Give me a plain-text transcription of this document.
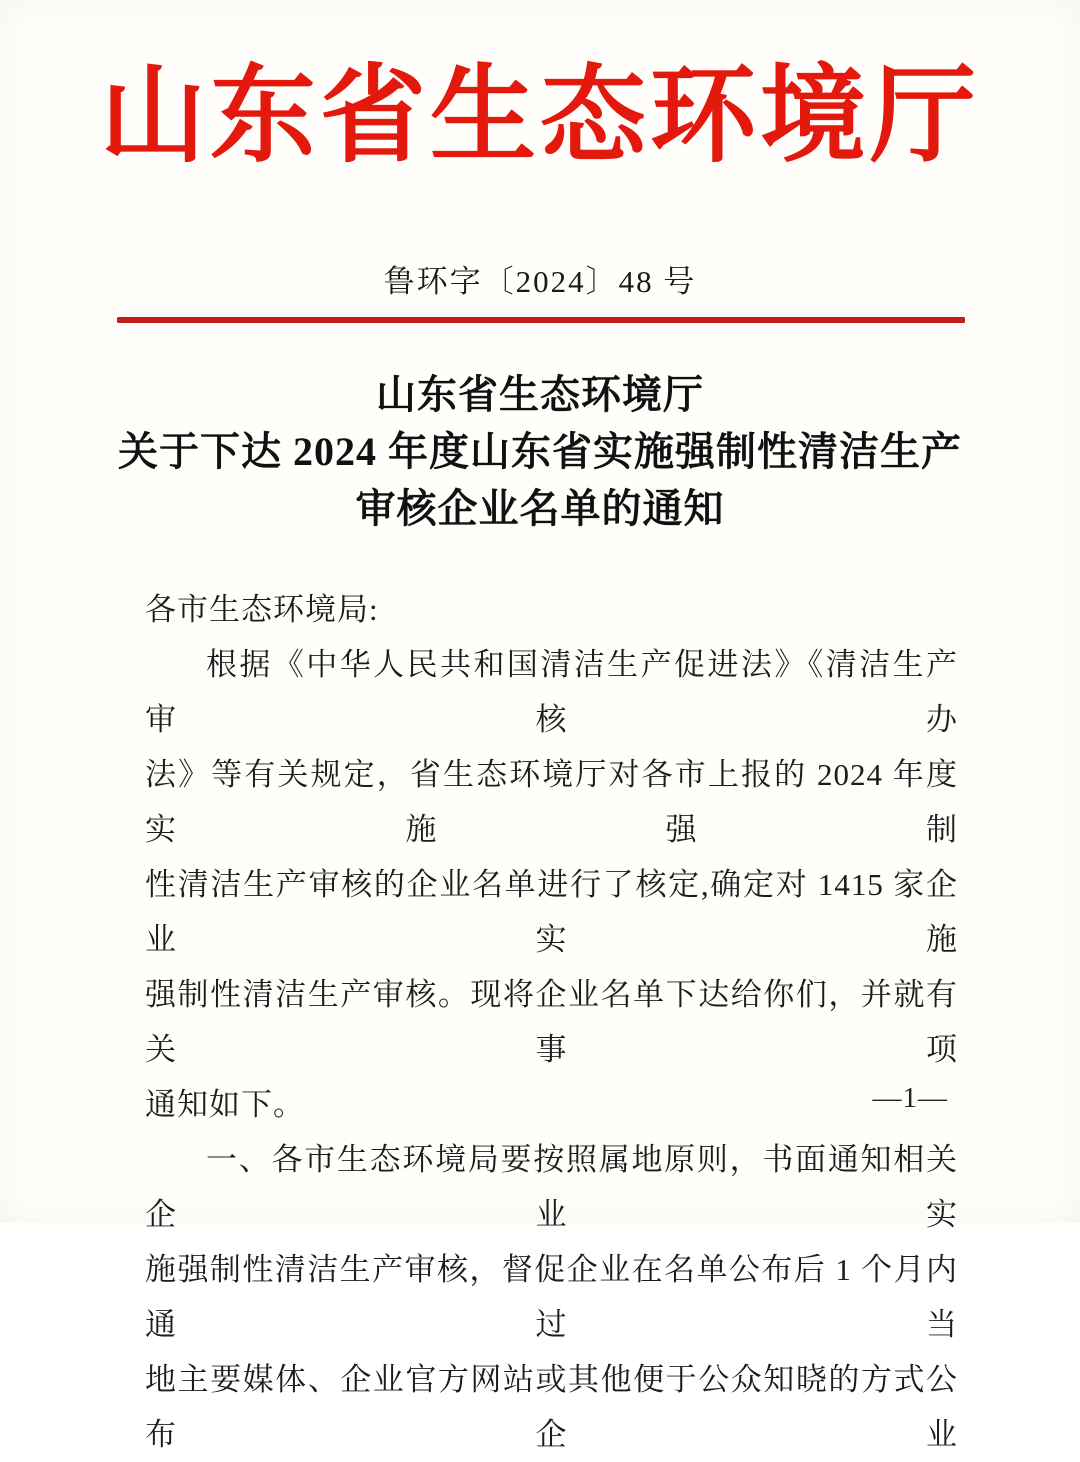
山东省生态环境厅
鲁环字〔2024〕48 号
山东省生态环境厅
关于下达 2024 年度山东省实施强制性清洁生产
审核企业名单的通知
各市生态环境局:
根据《中华人民共和国清洁生产促进法》《清洁生产审核办
法》等有关规定，省生态环境厅对各市上报的 2024 年度实施强制
性清洁生产审核的企业名单进行了核定,确定对 1415 家企业实施
强制性清洁生产审核。现将企业名单下达给你们，并就有关事项
通知如下。
一、各市生态环境局要按照属地原则，书面通知相关企业实
施强制性清洁生产审核，督促企业在名单公布后 1 个月内通过当
地主要媒体、企业官方网站或其他便于公众知晓的方式公布企业
—1—
